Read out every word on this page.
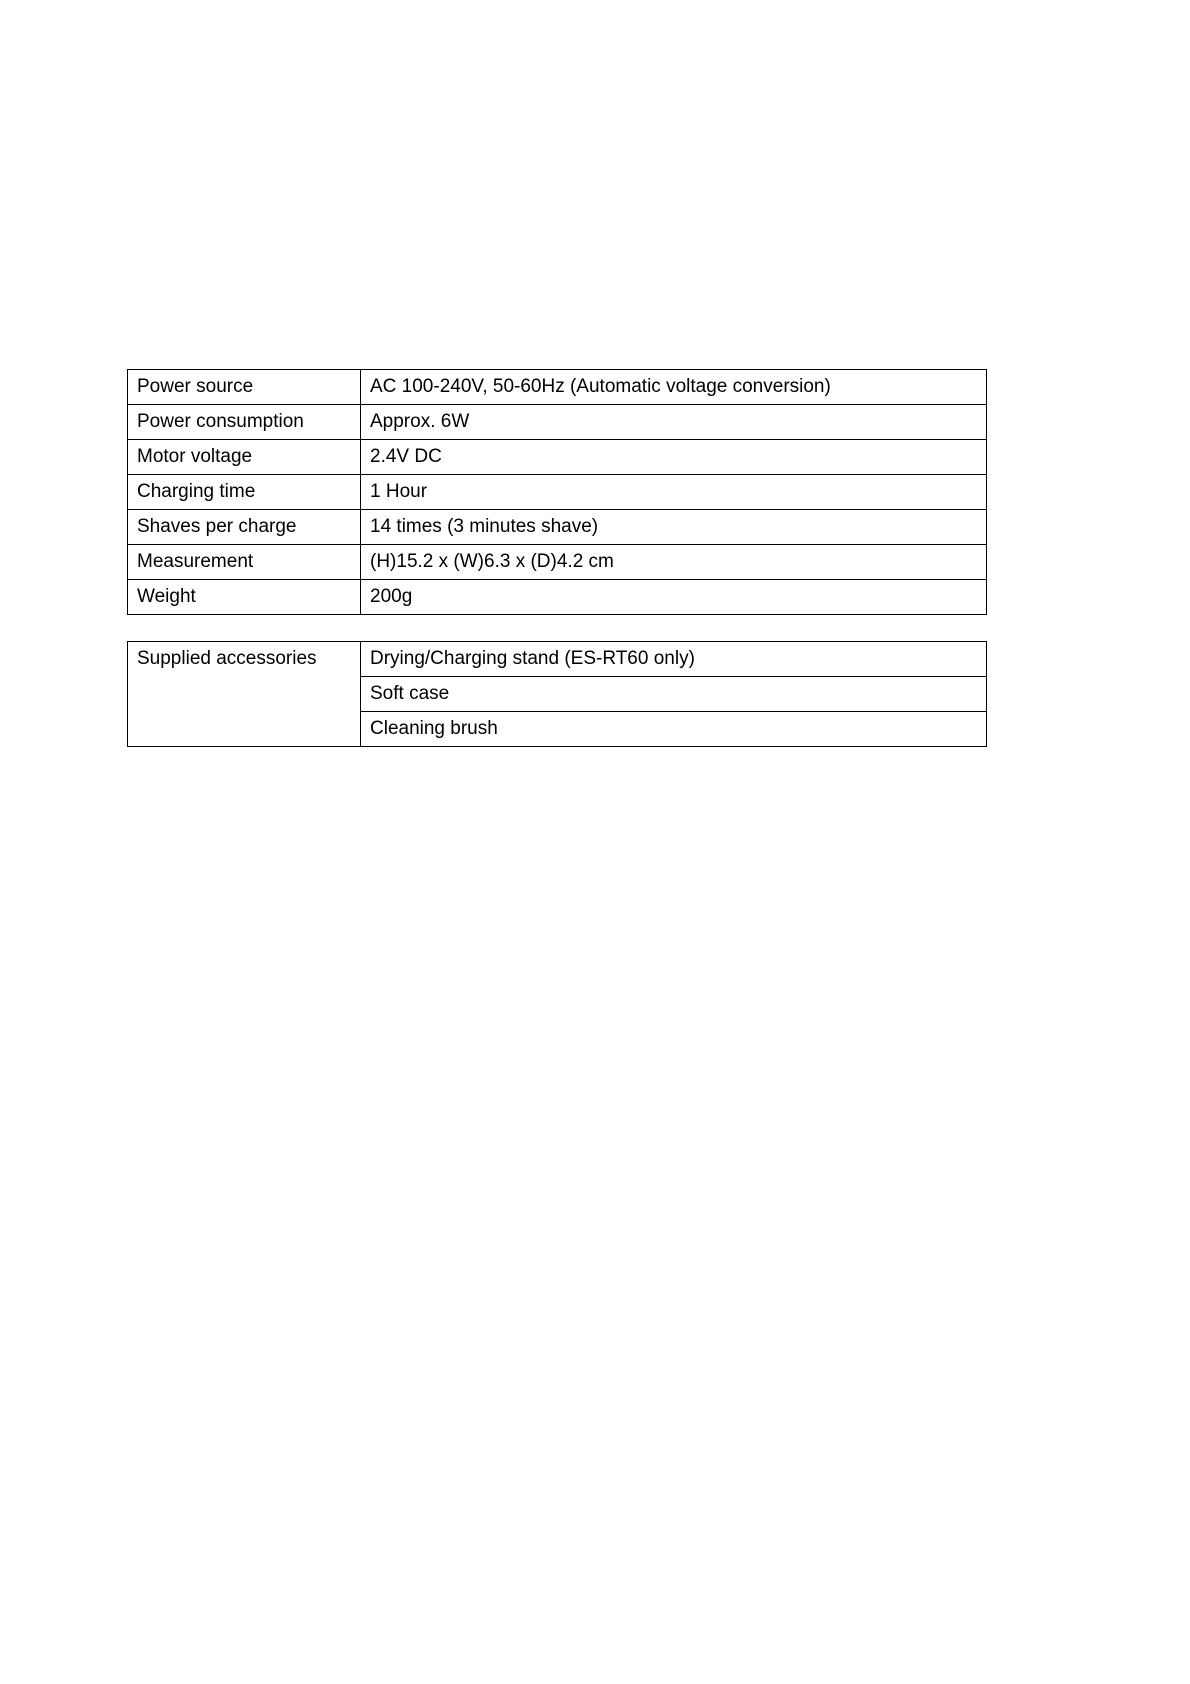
Power source	AC 100-240V, 50-60Hz (Automatic voltage conversion)
Power consumption	Approx. 6W
Motor voltage	2.4V DC
Charging time	1 Hour
Shaves per charge	14 times (3 minutes shave)
Measurement	(H)15.2 x (W)6.3 x (D)4.2 cm
Weight	200g
Supplied accessories	Drying/Charging stand (ES-RT60 only)
Soft case
Cleaning brush
